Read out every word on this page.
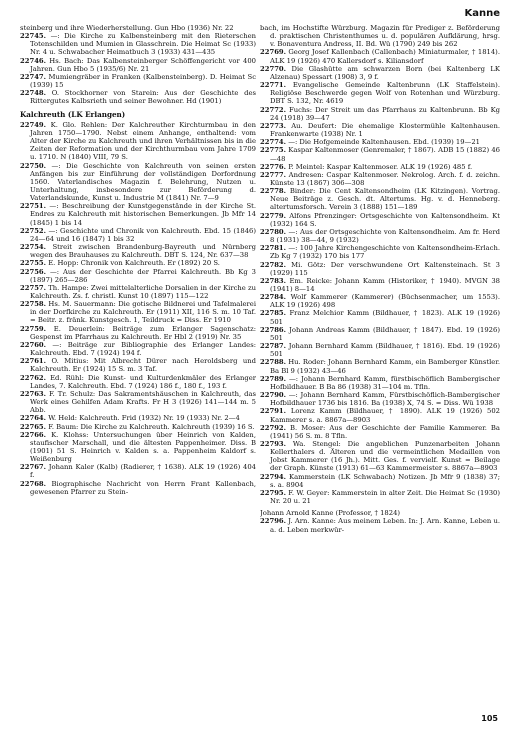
Kanne
steinberg und ihre Wiederherstellung. Gun Hbo (1936) Nr. 22
22745. —: Die Kirche zu Kalbensteinberg mit den Rieterschen Totenschilden und Mumien in Glasschrein. Die Heimat Sc (1933) Nr. 4 u. Schwabacher Heimatbuch 3 (1933) 431—435
22746. Hs. Bach: Das Kalbensteinberger Schöffengericht vor 400 Jahren. Gun Hbo 5 (1935/6) Nr. 21
22747. Mumiengräber in Franken (Kalbensteinberg). D. Heimat Sc (1939) 15
22748. O. Stockhorner von Starein: Aus der Geschichte des Rittergutes Kalbsrieth und seiner Bewohner. Hd (1901)
Kalchreuth (LK Erlangen)
22749. K. Glo. Rehlen: Der Kalchreuther Kirchturmbau in den Jahren 1750—1790. Nebst einem Anhange, enthaltend: vom Alter der Kirche zu Kalchreuth und ihren Verhältnissen bis in die Zeiten der Reformation und der Kirchthurmbau vom Jahre 1709 u. 1710. N (1840) VIII, 79 S.
22750. —: Die Geschichte von Kalchreuth von seinen ersten Anfängen bis zur Einführung der vollständigen Dorfordnung 1560. Vaterlandisches Magazin f. Belehrung, Nutzen u. Unterhaltung, insbesondere zur Beförderung d. Vaterlandskunde, Kunst u. Industrie M (1841) Nr. 7—9
22751. —: Beschreibung der Kunstgegenstände in der Kirche St. Endres zu Kalchreuth mit historischen Bemerkungen. Jb Mfr 14 (1845) 1 bis 14
22752. —: Geschichte und Chronik von Kalchreuth. Ebd. 15 (1846) 24—64 und 16 (1847) 1 bis 32
22754. Streit zwischen Brandenburg-Bayreuth und Nürnberg wegen des Brauhauses zu Kalchreuth. DBT S. 124, Nr. 637—38
22755. E. Hopp: Chronik von Kalchreuth. Er (1892) 20 S.
22756. —: Aus der Geschichte der Pfarrei Kalchreuth. Bb Kg 3 (1897) 265—286
22757. Th. Hampe: Zwei mittelalterliche Dorsalien in der Kirche zu Kalchreuth. Zs. f. christl. Kunst 10 (1897) 115—122
22758. Hs. M. Sauermann: Die gotische Bildnerei und Tafelmalerei in der Dorfkirche zu Kalchreuth. Er (1911) XII, 116 S. m. 10 Taf. = Beitr. z. fränk. Kunstgesch. 1, Teildruck = Diss. Er 1910
22759. E. Deuerlein: Beiträge zum Erlanger Sagenschatz: Gespenst im Pfarrhaus zu Kalchreuth. Er Hbl 2 (1919) Nr. 35
22760. —: Beiträge zur Bibliographie des Erlanger Landes: Kalchreuth. Ebd. 7 (1924) 194 f.
22761. O. Mitius: Mit Albrecht Dürer nach Heroldsberg und Kalchreuth. Er (1924) 15 S. m. 3 Taf.
22762. Ed. Rühl: Die Kunst- und Kulturdenkmäler des Erlanger Landes, 7. Kalchreuth. Ebd. 7 (1924) 186 f., 180 f., 193 f.
22763. F. Tr. Schulz: Das Sakramentshäuschen in Kalchreuth, das Werk eines Gehilfen Adam Krafts. Fr H 3 (1926) 141—144 m. 5 Abb.
22764. W. Held: Kalchreuth. Frid (1932) Nr. 19 (1933) Nr. 2—4
22765. F. Baum: Die Kirche zu Kalchreuth. Kalchreuth (1939) 16 S.
22766. K. Klohss: Untersuchungen über Heinrich von Kalden, staufischer Marschall, und die ältesten Pappenheimer. Diss. B (1901) 51 S. Heinrich v. Kalden s. a. Pappenheim Kaldorf s. Weißenburg
22767. Johann Kaler (Kalb) (Radierer, † 1638). ALK 19 (1926) 404 f.
22768. Biographische Nachricht von Herrn Frant Kallenbach, gewesenen Pfarrer zu Stein-
bach, im Hochstifte Würzburg. Magazin für Prediger z. Beförderung d. praktischen Christenthumes u. d. populären Aufklärung, hrsg. v. Bonaventura Andress, II. Bd. Wü (1790) 249 bis 262
22769. Georg Josef Kallenbach (Callenbach) Miniaturmaler, † 1814). ALK 19 (1926) 470 Kallersdorf s. Kiliansdorf
22770. Die Glashütte am schwarzen Born (bei Kaltenberg LK Alzenau) Spessart (1908) 3, 9 f.
22771. Evangelische Gemeinde Kaltenbrunn (LK Staffelstein). Religiöse Beschwerde gegen Wolf von Rotenhan und Würzburg. DBT S. 132, Nr. 4619
22772. Fuchs: Der Streit um das Pfarrhaus zu Kaltenbrunn. Bb Kg 24 (1918) 39—47
22773. Au. Deufert: Die ehemalige Klostermühle Kaltenhausen. Frankenwarte (1938) Nr. 1
22774. —: Die Hofgemeinde Kaltenhausen. Ebd. (1939) 19—21
22775. Kaspar Kaltenmoser (Genremaler, † 1867). ADB 15 (1882) 46—48
22776. P. Meintel: Kaspar Kaltenmoser. ALK 19 (1926) 485 f.
22777. Andresen: Caspar Kaltenmoser. Nekrolog. Arch. f. d. zeichn. Künste 13 (1867) 306—308
22778. Binder: Die Cent Kaltensondheim (LK Kitzingen). Vortrag. Neue Beiträge z. Gesch. dt. Altertums. Hg. v. d. Henneberg. altertumsforsch. Verein 3 (1888) 151—189
22779. Alfons Pfrenzinger: Ortsgeschichte von Kaltensondheim. Kt (1932) 164 S.
22780. —: Aus der Ortsgeschichte von Kaltensondheim. Am fr. Herd 8 (1931) 38—44, 9 (1932)
22781. —: 100 Jahre Kirchengeschichte von Kaltensondheim-Erlach. Zb Kg 7 (1932) 170 bis 177
22782. Mi. Götz: Der verschwundene Ort Kaltensteinach. St 3 (1929) 115
22783. Em. Reicke: Johann Kamm (Historiker, † 1940). MVGN 38 (1941) 8—14
22784. Wolf Kammerer (Kammerer) (Büchsenmacher, um 1553). ALK 19 (1926) 498
22785. Franz Melchior Kamm (Bildhauer, † 1823). ALK 19 (1926) 501
22786. Johann Andreas Kamm (Bildhauer, † 1847). Ebd. 19 (1926) 501
22787. Johann Bernhard Kamm (Bildhauer, † 1816). Ebd. 19 (1926) 501
22788. Hu. Roder: Johann Bernhard Kamm, ein Bamberger Künstler. Ba Bl 9 (1932) 43—46
22789. —: Johann Bernhard Kamm, fürstbischöflich Bambergischer Hofbildhauer. B Ba 86 (1938) 31—104 m. Tfln.
22790. —: Johann Bernhard Kamm, Fürstbischöflich-Bambergischer Hofbildhauer 1736 bis 1816. Ba (1938) X, 74 S. = Diss. Wü 1938
22791. Lorenz Kamm (Bildhauer, † 1890). ALK 19 (1926) 502 Kammerer s. a. 8867a—8903
22792. B. Moser: Aus der Geschichte der Familie Kammerer. Ba (1941) 56 S. m. 8 Tfln.
22793. Wa. Stengel: Die angeblichen Punzenarbeiten Johann Kellerthalers d. Älteren und die vermeintlichen Medaillen von Jobst Kammerer (16 Jh.). Mitt. Ges. f. vervielf. Kunst = Beilage der Graph. Künste (1913) 61—63 Kammermeister s. 8867a—8903
22794. Kammerstein (LK Schwabach) Notizen. Jb Mfr 9 (1838) 37; s. a. 8904
22795. F. W. Geyer: Kammerstein in alter Zeit. Die Heimat Sc (1930) Nr. 20 u. 21
Johann Arnold Kanne (Professor, † 1824)
22796. J. Arn. Kanne: Aus meinem Leben. In: J. Arn. Kanne, Leben u. a. d. Leben merkwür-
105
